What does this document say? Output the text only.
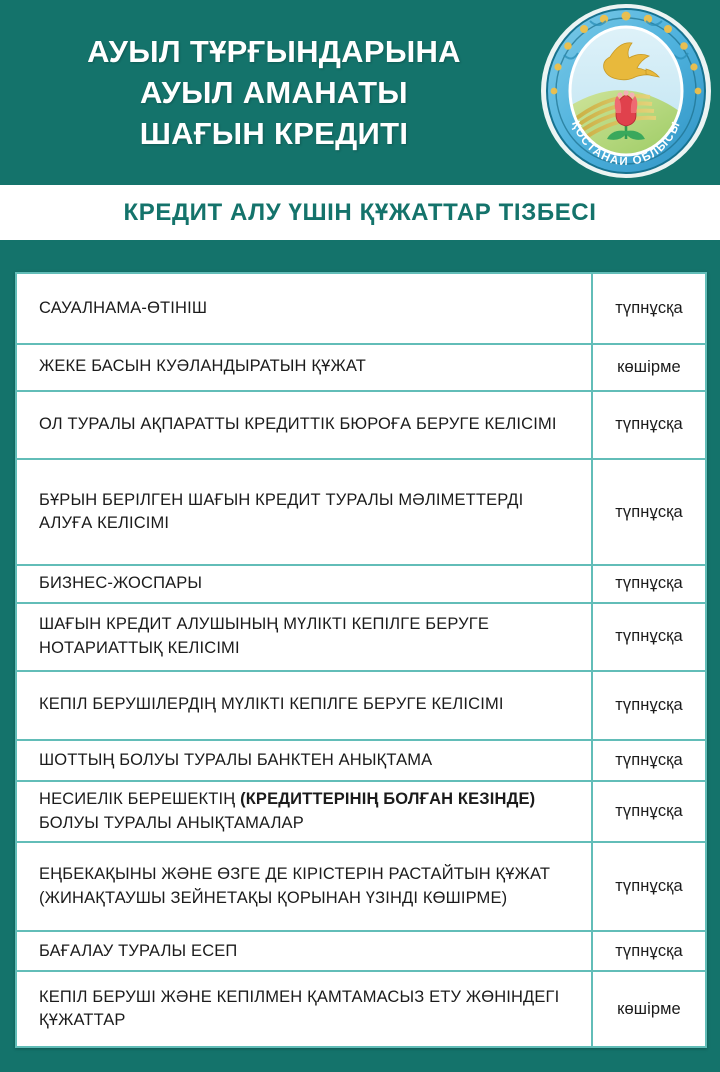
АУЫЛ ТҰРҒЫНДАРЫНА
АУЫЛ АМАНАТЫ
ШАҒЫН КРЕДИТІ	ҚОСТАНАЙ ОБЛЫСЫ
КРЕДИТ АЛУ ҮШІН ҚҰЖАТТАР ТІЗБЕСІ
САУАЛНАМА-ӨТІНІШ	түпнұсқа
ЖЕКЕ БАСЫН КУӘЛАНДЫРАТЫН ҚҰЖАТ	көшірме
ОЛ ТУРАЛЫ АҚПАРАТТЫ КРЕДИТТІК БЮРОҒА БЕРУГЕ КЕЛІСІМІ	түпнұсқа
БҰРЫН БЕРІЛГЕН ШАҒЫН КРЕДИТ ТУРАЛЫ МӘЛІМЕТТЕРДІ АЛУҒА КЕЛІСІМІ	түпнұсқа
БИЗНЕС-ЖОСПАРЫ	түпнұсқа
ШАҒЫН КРЕДИТ АЛУШЫНЫҢ МҮЛІКТІ КЕПІЛГЕ БЕРУГЕ НОТАРИАТТЫҚ КЕЛІСІМІ	түпнұсқа
КЕПІЛ БЕРУШІЛЕРДІҢ МҮЛІКТІ КЕПІЛГЕ БЕРУГЕ КЕЛІСІМІ	түпнұсқа
ШОТТЫҢ БОЛУЫ ТУРАЛЫ БАНКТЕН АНЫҚТАМА	түпнұсқа
НЕСИЕЛІК БЕРЕШЕКТІҢ (КРЕДИТТЕРІНІҢ БОЛҒАН КЕЗІНДЕ) БОЛУЫ ТУРАЛЫ АНЫҚТАМАЛАР	түпнұсқа
ЕҢБЕКАҚЫНЫ ЖӘНЕ ӨЗГЕ ДЕ КІРІСТЕРІН РАСТАЙТЫН ҚҰЖАТ (ЖИНАҚТАУШЫ ЗЕЙНЕТАҚЫ ҚОРЫНАН ҮЗІНДІ КӨШІРМЕ)	түпнұсқа
БАҒАЛАУ ТУРАЛЫ ЕСЕП	түпнұсқа
КЕПІЛ БЕРУШІ ЖӘНЕ КЕПІЛМЕН ҚАМТАМАСЫЗ ЕТУ ЖӨНІНДЕГІ ҚҰЖАТТАР	көшірме
